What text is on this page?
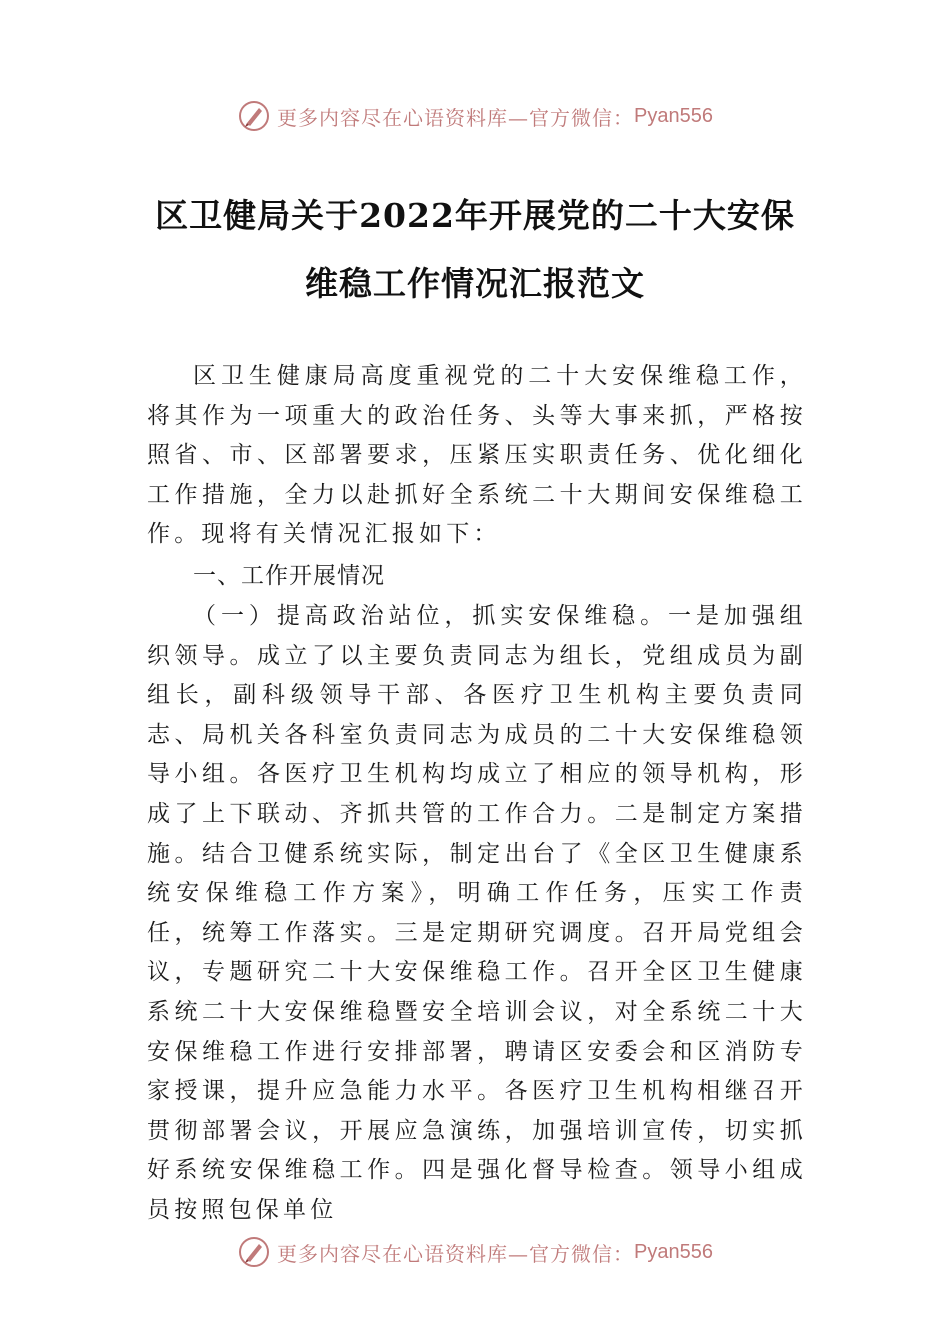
更多内容尽在心语资料库—官方微信： Pyan556
区卫健局关于2022年开展党的二十大安保
维稳工作情况汇报范文

区卫生健康局高度重视党的二十大安保维稳工作，将其作为一项重大的政治任务、头等大事来抓，严格按照省、市、区部署要求，压紧压实职责任务、优化细化工作措施，全力以赴抓好全系统二十大期间安保维稳工作。现将有关情况汇报如下：

一、工作开展情况

（一）提高政治站位，抓实安保维稳。一是加强组织领导。成立了以主要负责同志为组长，党组成员为副组长，副科级领导干部、各医疗卫生机构主要负责同志、局机关各科室负责同志为成员的二十大安保维稳领导小组。各医疗卫生机构均成立了相应的领导机构，形成了上下联动、齐抓共管的工作合力。二是制定方案措施。结合卫健系统实际，制定出台了《全区卫生健康系统安保维稳工作方案》，明确工作任务，压实工作责任，统筹工作落实。三是定期研究调度。召开局党组会议，专题研究二十大安保维稳工作。召开全区卫生健康系统二十大安保维稳暨安全培训会议，对全系统二十大安保维稳工作进行安排部署，聘请区安委会和区消防专家授课，提升应急能力水平。各医疗卫生机构相继召开贯彻部署会议，开展应急演练，加强培训宣传，切实抓好系统安保维稳工作。四是强化督导检查。领导小组成员按照包保单位

更多内容尽在心语资料库—官方微信： Pyan556
